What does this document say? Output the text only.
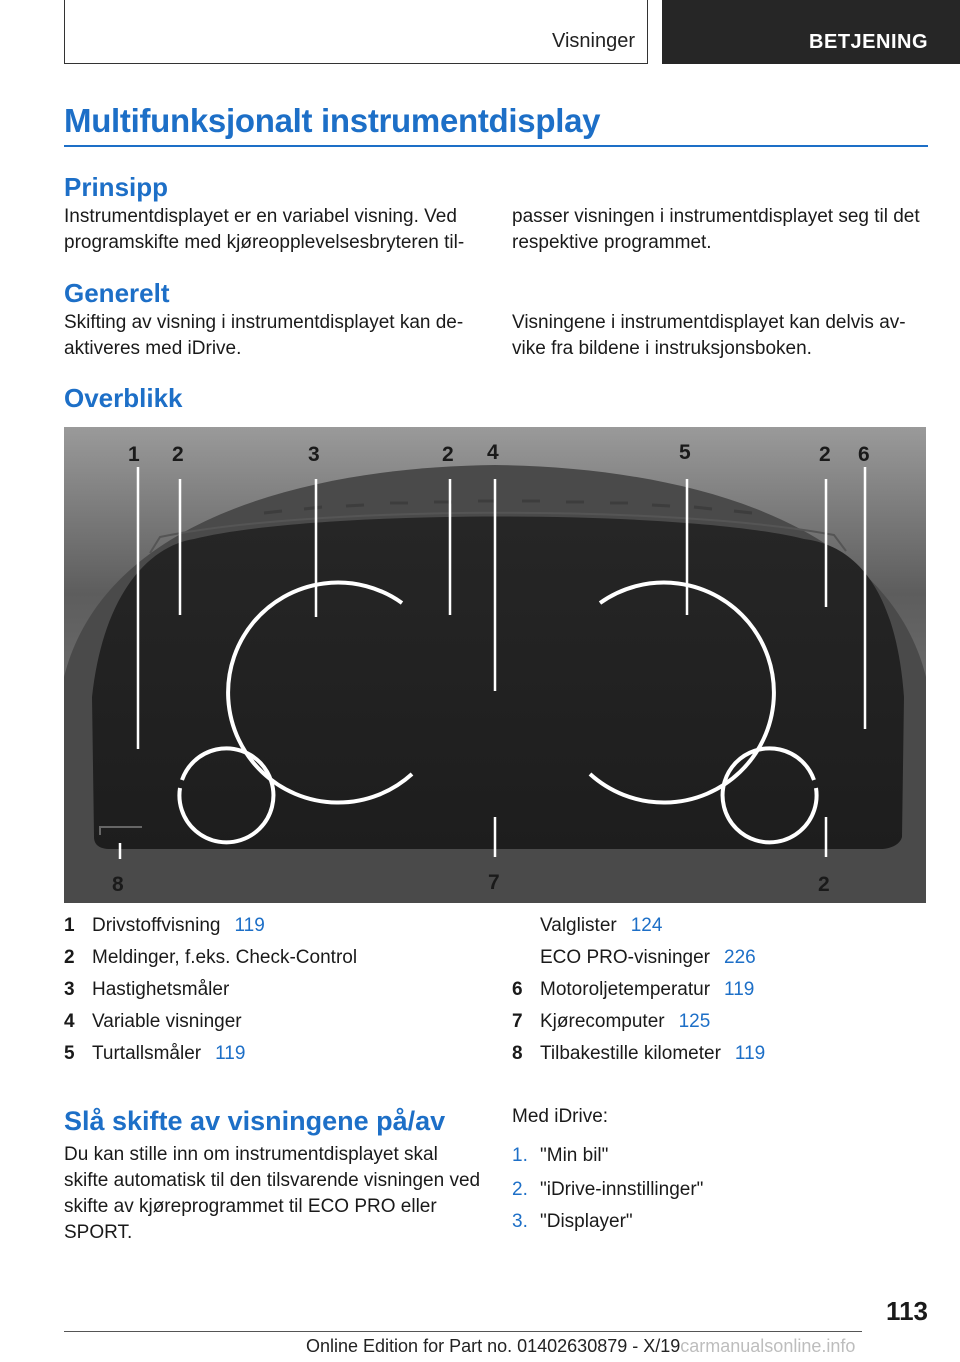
Visninger	BETJENING
Multifunksjonalt instrumentdisplay
Prinsipp

Instrumentdisplayet er en variabel visning. Ved programskifte med kjøreopplevelsesbryteren til-

passer visningen i instrumentdisplayet seg til det respektive programmet.

Generelt

Skifting av visning i instrumentdisplayet kan de-aktiveres med iDrive.

Visningene i instrumentdisplayet kan delvis av-vike fra bildene i instruksjonsboken.

Overblikk
1 2	3	2 4	5	2 6
8	7	2
1 Drivstoffvisning 119
2 Meldinger, f.eks. Check-Control
3 Hastighetsmåler
4 Variable visninger
5 Turtallsmåler 119
Valglister 124
ECO PRO-visninger 226
6 Motoroljetemperatur 119
7 Kjørecomputer 125
8 Tilbakestille kilometer 119
Slå skifte av visningene på/av

Du kan stille inn om instrumentdisplayet skal skifte automatisk til den tilsvarende visningen ved skifte av kjøreprogrammet til ECO PRO eller SPORT.

Med iDrive:
1. "Min bil"
2. "iDrive-innstillinger"
3. "Displayer"
113
Online Edition for Part no. 01402630879 - X/19carmanualsonline.info
